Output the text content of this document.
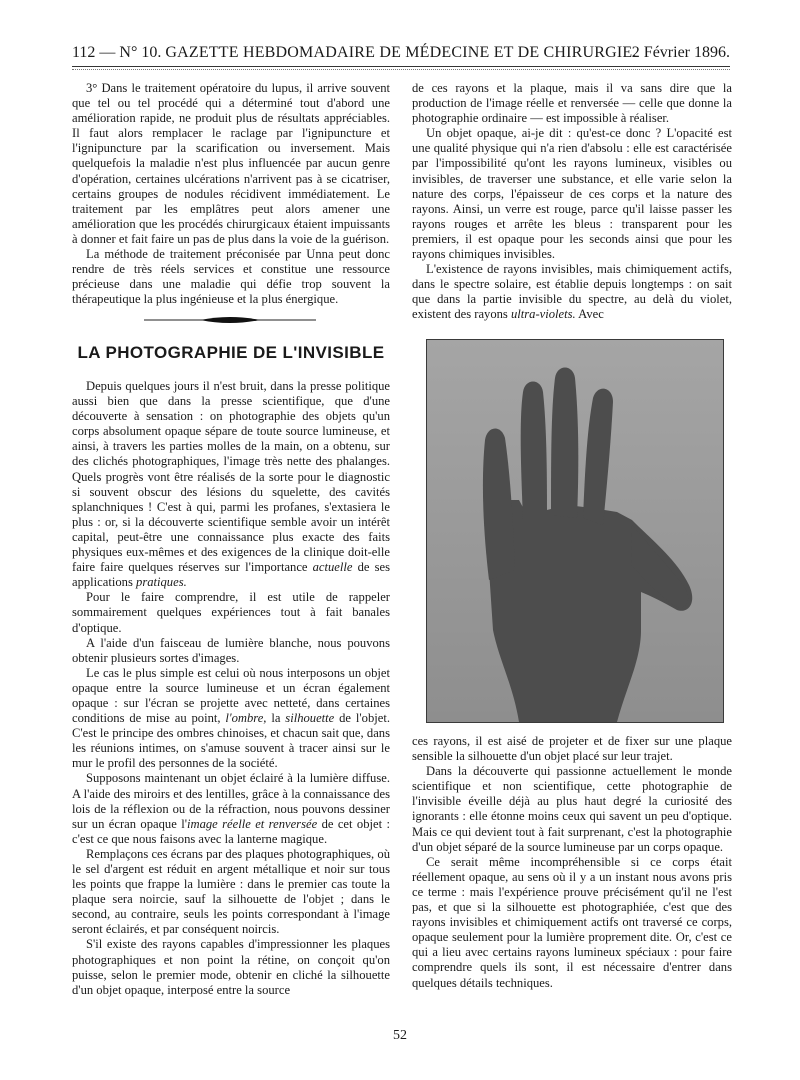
112 — N° 10. GAZETTE HEBDOMADAIRE DE MÉDECINE ET DE CHIRURGIE.
2 Février 1896.

3° Dans le traitement opératoire du lupus, il arrive souvent que tel ou tel procédé qui a déterminé tout d'abord une amélioration rapide, ne produit plus de résultats appréciables. Il faut alors remplacer le raclage par l'ignipuncture et l'ignipuncture par la scarification ou inversement. Mais quelquefois la maladie n'est plus influencée par aucun genre d'opération, certaines ulcérations n'arrivent pas à se cicatriser, certains groupes de nodules récidivent immédiatement. Le traitement par les emplâtres peut alors amener une amélioration que les procédés chirurgicaux étaient impuissants à donner et fait faire un pas de plus dans la voie de la guérison.

La méthode de traitement préconisée par Unna peut donc rendre de très réels services et constitue une ressource précieuse dans une maladie qui défie trop souvent la thérapeutique la plus ingénieuse et la plus énergique.

LA PHOTOGRAPHIE DE L'INVISIBLE

Depuis quelques jours il n'est bruit, dans la presse politique aussi bien que dans la presse scientifique, que d'une découverte à sensation : on photographie des objets qu'un corps absolument opaque sépare de toute source lumineuse, et ainsi, à travers les parties molles de la main, on a obtenu, sur des clichés photographiques, l'image très nette des phalanges. Quels progrès vont être réalisés de la sorte pour le diagnostic si souvent obscur des lésions du squelette, des cavités splanchniques ! C'est à qui, parmi les profanes, s'extasiera le plus : or, si la découverte scientifique semble avoir un intérêt capital, peut-être une connaissance plus exacte des faits physiques eux-mêmes et des exigences de la clinique doit-elle faire faire quelques réserves sur l'importance actuelle de ses applications pratiques.

Pour le faire comprendre, il est utile de rappeler sommairement quelques expériences tout à fait banales d'optique.

A l'aide d'un faisceau de lumière blanche, nous pouvons obtenir plusieurs sortes d'images.

Le cas le plus simple est celui où nous interposons un objet opaque entre la source lumineuse et un écran également opaque : sur l'écran se projette avec netteté, dans certaines conditions de mise au point, l'ombre, la silhouette de l'objet. C'est le principe des ombres chinoises, et chacun sait que, dans les réunions intimes, on s'amuse souvent à tracer ainsi sur le mur le profil des personnes de la société.

Supposons maintenant un objet éclairé à la lumière diffuse. A l'aide des miroirs et des lentilles, grâce à la connaissance des lois de la réflexion ou de la réfraction, nous pouvons dessiner sur un écran opaque l'image réelle et renversée de cet objet : c'est ce que nous faisons avec la lanterne magique.

Remplaçons ces écrans par des plaques photographiques, où le sel d'argent est réduit en argent métallique et noir sur tous les points que frappe la lumière : dans le premier cas toute la plaque sera noircie, sauf la silhouette de l'objet ; dans le second, au contraire, seuls les points correspondant à l'image seront éclairés, et par conséquent noircis.

S'il existe des rayons capables d'impressionner les plaques photographiques et non point la rétine, on conçoit qu'on puisse, selon le premier mode, obtenir en cliché la silhouette d'un objet opaque, interposé entre la source

de ces rayons et la plaque, mais il va sans dire que la production de l'image réelle et renversée — celle que donne la photographie ordinaire — est impossible à réaliser.

Un objet opaque, ai-je dit : qu'est-ce donc ? L'opacité est une qualité physique qui n'a rien d'absolu : elle est caractérisée par l'impossibilité qu'ont les rayons lumineux, visibles ou invisibles, de traverser une substance, et elle varie selon la nature des corps, l'épaisseur de ces corps et la nature des rayons. Ainsi, un verre est rouge, parce qu'il laisse passer les rayons rouges et arrête les bleus : transparent pour les premiers, il est opaque pour les seconds ainsi que pour les rayons chimiques invisibles.

L'existence de rayons invisibles, mais chimiquement actifs, dans le spectre solaire, est établie depuis longtemps : on sait que dans la partie invisible du spectre, au delà du violet, existent des rayons ultra-violets. Avec

ces rayons, il est aisé de projeter et de fixer sur une plaque sensible la silhouette d'un objet placé sur leur trajet.

Dans la découverte qui passionne actuellement le monde scientifique et non scientifique, cette photographie de l'invisible éveille déjà au plus haut degré la curiosité des ignorants : elle étonne moins ceux qui savent un peu d'optique. Mais ce qui devient tout à fait surprenant, c'est la photographie d'un objet séparé de la source lumineuse par un corps opaque.

Ce serait même incompréhensible si ce corps était réellement opaque, au sens où il y a un instant nous avons pris ce terme : mais l'expérience prouve précisément qu'il ne l'est pas, et que si la silhouette est photographiée, c'est que des rayons invisibles et chimiquement actifs ont traversé ce corps, opaque seulement pour la lumière proprement dite. Or, c'est ce qui a lieu avec certains rayons lumineux spéciaux : pour faire comprendre quels ils sont, il est nécessaire d'entrer dans quelques détails techniques.

52
